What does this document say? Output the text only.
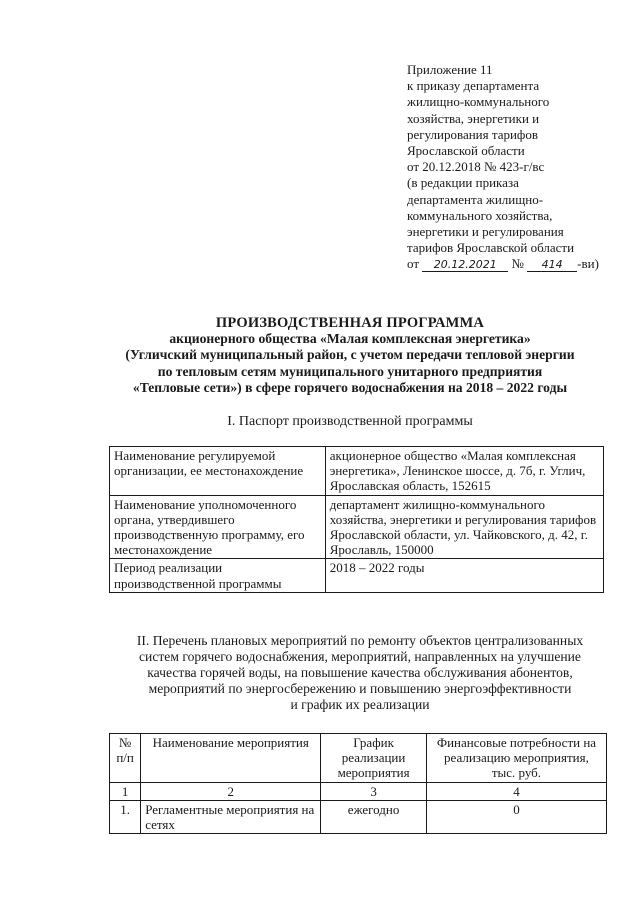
Приложение 11
к приказу департамента
жилищно-коммунального
хозяйства, энергетики и
регулирования тарифов
Ярославской области
от 20.12.2018 № 423-г/вс
(в редакции приказа
департамента жилищно-
коммунального хозяйства,
энергетики и регулирования
тарифов Ярославской области
от 20.12.2021 № 414 -ви)
ПРОИЗВОДСТВЕННАЯ ПРОГРАММА
акционерного общества «Малая комплексная энергетика»
(Угличский муниципальный район, с учетом передачи тепловой энергии
по тепловым сетям муниципального унитарного предприятия
«Тепловые сети») в сфере горячего водоснабжения на 2018 – 2022 годы
I. Паспорт производственной программы
Наименование регулируемой организации, ее местонахождение	акционерное общество «Малая комплексная энергетика», Ленинское шоссе, д. 7б, г. Углич, Ярославская область, 152615
Наименование уполномоченного органа, утвердившего производственную программу, его местонахождение	департамент жилищно-коммунального хозяйства, энергетики и регулирования тарифов Ярославской области, ул. Чайковского, д. 42, г. Ярославль, 150000
Период реализации производственной программы	2018 – 2022 годы
II. Перечень плановых мероприятий по ремонту объектов централизованных
систем горячего водоснабжения, мероприятий, направленных на улучшение
качества горячей воды, на повышение качества обслуживания абонентов,
мероприятий по энергосбережению и повышению энергоэффективности
и график их реализации
№ п/п	Наименование мероприятия	График реализации мероприятия	Финансовые потребности на реализацию мероприятия, тыс. руб.
1	2	3	4
1.	Регламентные мероприятия на сетях	ежегодно	0
